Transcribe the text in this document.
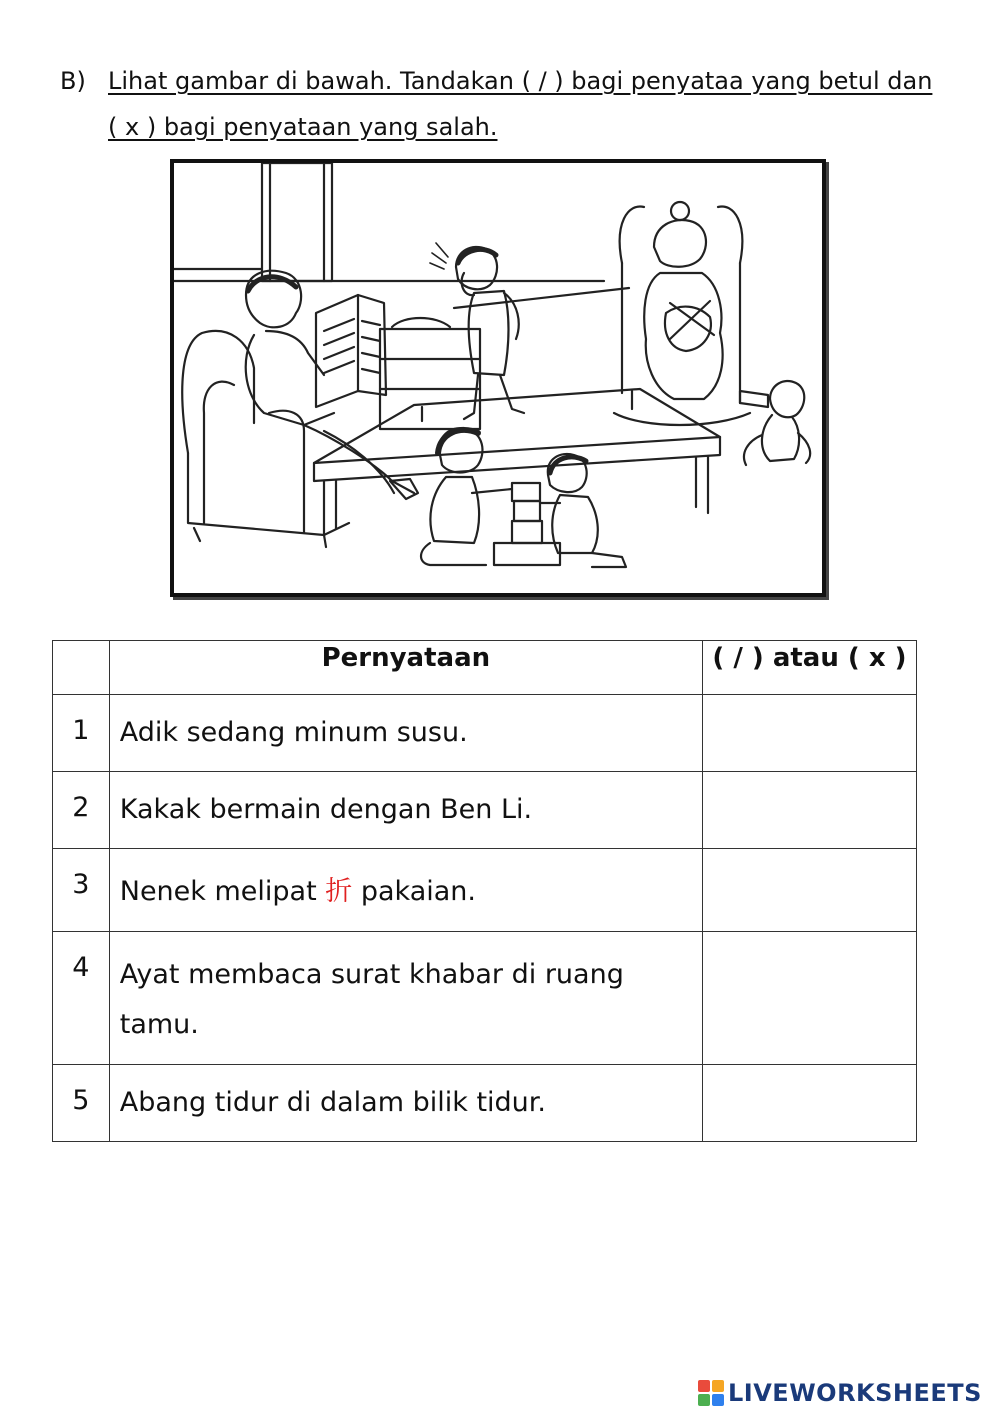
B) Lihat gambar di bawah. Tandakan ( / ) bagi penyataa yang betul dan ( x ) bagi penyataan yang salah.
	Pernyataan	( / ) atau ( x )
1	Adik sedang minum susu.	
2	Kakak bermain dengan Ben Li.	
3	Nenek melipat 折 pakaian.	
4	Ayat membaca surat khabar di ruang tamu.	
5	Abang tidur di dalam bilik tidur.	
LIVEWORKSHEETS
